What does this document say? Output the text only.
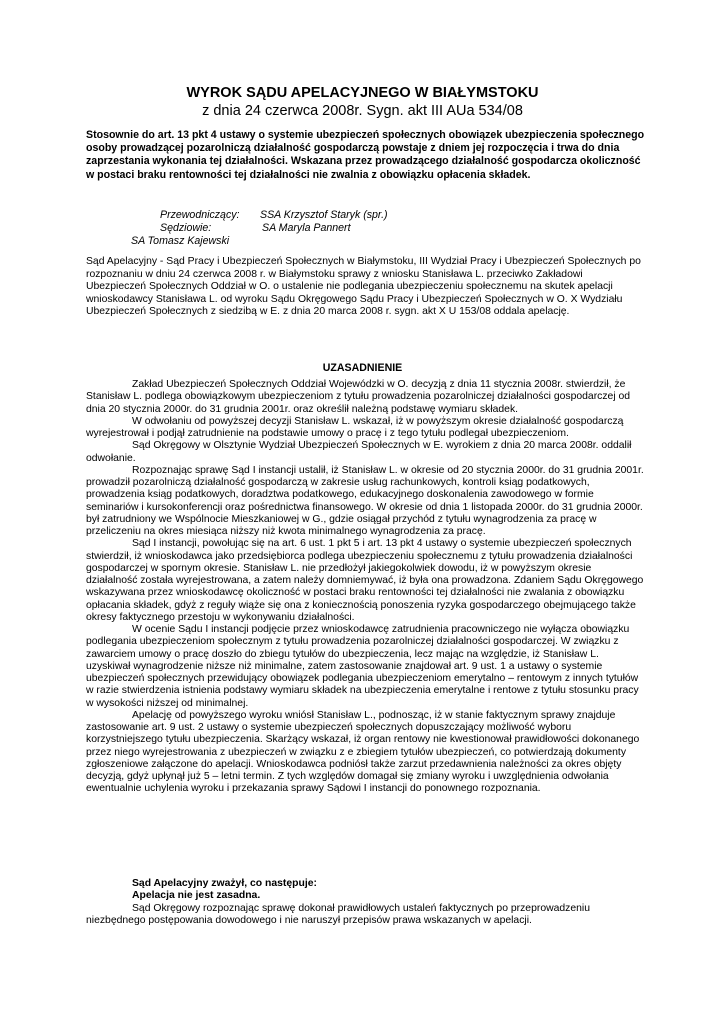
WYROK SĄDU APELACYJNEGO W BIAŁYMSTOKU
z dnia 24 czerwca 2008r. Sygn. akt III AUa 534/08
Stosownie do art. 13 pkt 4 ustawy o systemie ubezpieczeń społecznych obowiązek ubezpieczenia społecznego osoby prowadzącej pozarolniczą działalność gospodarczą powstaje z dniem jej rozpoczęcia i trwa do dnia zaprzestania wykonania tej działalności. Wskazana przez prowadzącego działalność gospodarcza okoliczność w postaci braku rentowności tej działalności nie zwalnia z obowiązku opłacenia składek.
Przewodniczący: SSA Krzysztof Staryk (spr.)
Sędziowie:	SA Maryla Pannert
SA Tomasz Kajewski
Sąd Apelacyjny - Sąd Pracy i Ubezpieczeń Społecznych w Białymstoku, III Wydział Pracy i Ubezpieczeń Społecznych po rozpoznaniu w dniu 24 czerwca 2008 r. w Białymstoku sprawy z wniosku Stanisława L. przeciwko Zakładowi Ubezpieczeń Społecznych Oddział w O. o ustalenie nie podlegania ubezpieczeniu społecznemu na skutek apelacji wnioskodawcy Stanisława L. od wyroku Sądu Okręgowego Sądu Pracy i Ubezpieczeń Społecznych w O. X Wydziału Ubezpieczeń Społecznych z siedzibą w E. z dnia 20 marca 2008 r. sygn. akt X U 153/08 oddala apelację.
UZASADNIENIE

Zakład Ubezpieczeń Społecznych Oddział Wojewódzki w O. decyzją z dnia 11 stycznia 2008r. stwierdził, że Stanisław L. podlega obowiązkowym ubezpieczeniom z tytułu prowadzenia pozarolniczej działalności gospodarczej od dnia 20 stycznia 2000r. do 31 grudnia 2001r. oraz określił należną podstawę wymiaru składek.

W odwołaniu od powyższej decyzji Stanisław L. wskazał, iż w powyższym okresie działalność gospodarczą wyrejestrował i podjął zatrudnienie na podstawie umowy o pracę i z tego tytułu podlegał ubezpieczeniom.

Sąd Okręgowy w Olsztynie Wydział Ubezpieczeń Społecznych w E. wyrokiem z dnia 20 marca 2008r. oddalił odwołanie.

Rozpoznając sprawę Sąd I instancji ustalił, iż Stanisław L. w okresie od 20 stycznia 2000r. do 31 grudnia 2001r. prowadził pozarolniczą działalność gospodarczą w zakresie usług rachunkowych, kontroli ksiąg podatkowych, prowadzenia ksiąg podatkowych, doradztwa podatkowego, edukacyjnego doskonalenia zawodowego w formie seminariów i kursokonferencji oraz pośrednictwa finansowego. W okresie od dnia 1 listopada 2000r. do 31 grudnia 2000r. był zatrudniony we Wspólnocie Mieszkaniowej w G., gdzie osiągał przychód z tytułu wynagrodzenia za pracę w przeliczeniu na okres miesiąca niższy niż kwota minimalnego wynagrodzenia za pracę.

Sąd I instancji, powołując się na art. 6 ust. 1 pkt 5 i art. 13 pkt 4 ustawy o systemie ubezpieczeń społecznych stwierdził, iż wnioskodawca jako przedsiębiorca podlega ubezpieczeniu społecznemu z tytułu prowadzenia działalności gospodarczej w spornym okresie. Stanisław L. nie przedłożył jakiegokolwiek dowodu, iż w powyższym okresie działalność została wyrejestrowana, a zatem należy domniemywać, iż była ona prowadzona. Zdaniem Sądu Okręgowego wskazywana przez wnioskodawcę okoliczność w postaci braku rentowności tej działalności nie zwalania z obowiązku opłacania składek, gdyż z reguły wiąże się ona z koniecznością ponoszenia ryzyka gospodarczego obejmującego także okresy faktycznego przestoju w wykonywaniu działalności.

W ocenie Sądu I instancji podjęcie przez wnioskodawcę zatrudnienia pracowniczego nie wyłącza obowiązku podlegania ubezpieczeniom społecznym z tytułu prowadzenia pozarolniczej działalności gospodarczej. W związku z zawarciem umowy o pracę doszło do zbiegu tytułów do ubezpieczenia, lecz mając na względzie, iż Stanisław L. uzyskiwał wynagrodzenie niższe niż minimalne, zatem zastosowanie znajdował art. 9 ust. 1 a ustawy o systemie ubezpieczeń społecznych przewidujący obowiązek podlegania ubezpieczeniom emerytalno – rentowym z innych tytułów w razie stwierdzenia istnienia podstawy wymiaru składek na ubezpieczenia emerytalne i rentowe z tytułu stosunku pracy w wysokości niższej od minimalnej.

Apelację od powyższego wyroku wniósł Stanisław L., podnosząc, iż w stanie faktycznym sprawy znajduje zastosowanie art. 9 ust. 2 ustawy o systemie ubezpieczeń społecznych dopuszczający możliwość wyboru korzystniejszego tytułu ubezpieczenia. Skarżący wskazał, iż organ rentowy nie kwestionował prawidłowości dokonanego przez niego wyrejestrowania z ubezpieczeń w związku z e zbiegiem tytułów ubezpieczeń, co potwierdzają dokumenty zgłoszeniowe załączone do apelacji. Wnioskodawca podniósł także zarzut przedawnienia należności za okres objęty decyzją, gdyż upłynął już 5 – letni termin. Z tych względów domagał się zmiany wyroku i uwzględnienia odwołania ewentualnie uchylenia wyroku i przekazania sprawy Sądowi I instancji do ponownego rozpoznania.

Sąd Apelacyjny zważył, co następuje:
Apelacja nie jest zasadna.

Sąd Okręgowy rozpoznając sprawę dokonał prawidłowych ustaleń faktycznych po przeprowadzeniu niezbędnego postępowania dowodowego i nie naruszył przepisów prawa wskazanych w apelacji.
